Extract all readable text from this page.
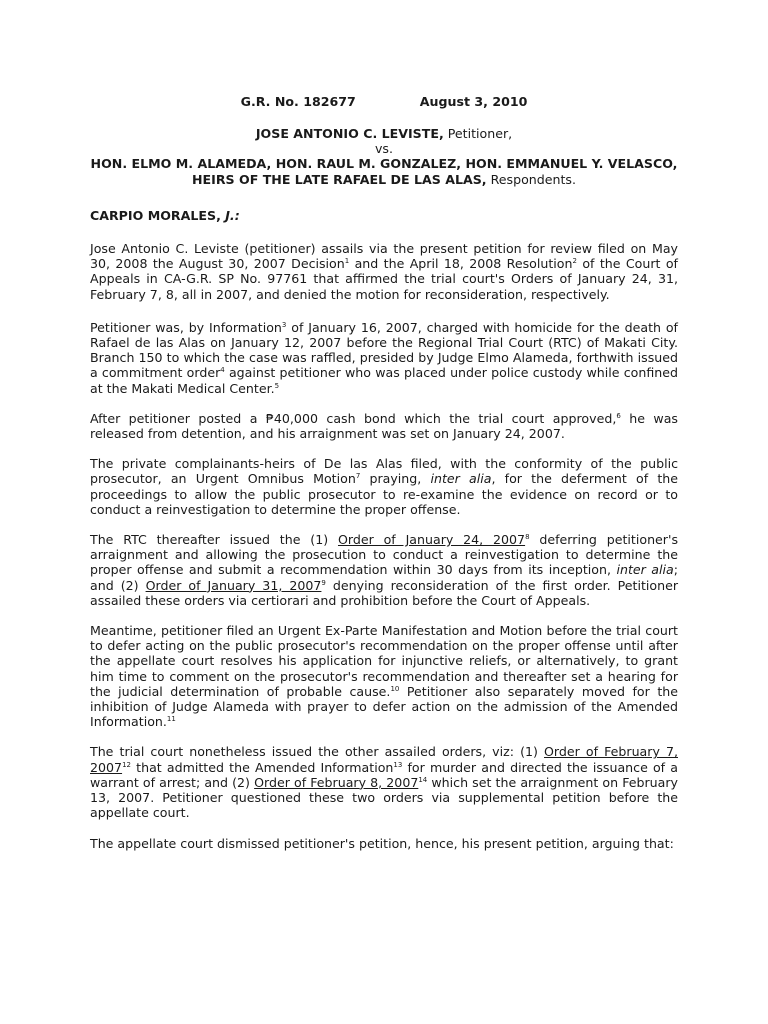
G.R. No. 182677	August 3, 2010
JOSE ANTONIO C. LEVISTE, Petitioner,
vs.
HON. ELMO M. ALAMEDA, HON. RAUL M. GONZALEZ, HON. EMMANUEL Y. VELASCO,
HEIRS OF THE LATE RAFAEL DE LAS ALAS, Respondents.
CARPIO MORALES, J.:

Jose Antonio C. Leviste (petitioner) assails via the present petition for review filed on May 30, 2008 the August 30, 2007 Decision$^1$ and the April 18, 2008 Resolution$^2$ of the Court of Appeals in CA-G.R. SP No. 97761 that affirmed the trial court's Orders of January 24, 31, February 7, 8, all in 2007, and denied the motion for reconsideration, respectively.

Petitioner was, by Information$^3$ of January 16, 2007, charged with homicide for the death of Rafael de las Alas on January 12, 2007 before the Regional Trial Court (RTC) of Makati City. Branch 150 to which the case was raffled, presided by Judge Elmo Alameda, forthwith issued a commitment order$^4$ against petitioner who was placed under police custody while confined at the Makati Medical Center.$^5$

After petitioner posted a ₱40,000 cash bond which the trial court approved,$^6$ he was released from detention, and his arraignment was set on January 24, 2007.

The private complainants-heirs of De las Alas filed, with the conformity of the public prosecutor, an Urgent Omnibus Motion$^7$ praying, inter alia, for the deferment of the proceedings to allow the public prosecutor to re-examine the evidence on record or to conduct a reinvestigation to determine the proper offense.

The RTC thereafter issued the (1) Order of January 24, 2007$^8$ deferring petitioner's arraignment and allowing the prosecution to conduct a reinvestigation to determine the proper offense and submit a recommendation within 30 days from its inception, inter alia; and (2) Order of January 31, 2007$^9$ denying reconsideration of the first order. Petitioner assailed these orders via certiorari and prohibition before the Court of Appeals.

Meantime, petitioner filed an Urgent Ex-Parte Manifestation and Motion before the trial court to defer acting on the public prosecutor's recommendation on the proper offense until after the appellate court resolves his application for injunctive reliefs, or alternatively, to grant him time to comment on the prosecutor's recommendation and thereafter set a hearing for the judicial determination of probable cause.$^{10}$ Petitioner also separately moved for the inhibition of Judge Alameda with prayer to defer action on the admission of the Amended Information.$^{11}$

The trial court nonetheless issued the other assailed orders, viz: (1) Order of February 7, 2007$^{12}$ that admitted the Amended Information$^{13}$ for murder and directed the issuance of a warrant of arrest; and (2) Order of February 8, 2007$^{14}$ which set the arraignment on February 13, 2007. Petitioner questioned these two orders via supplemental petition before the appellate court.

The appellate court dismissed petitioner's petition, hence, his present petition, arguing that:
